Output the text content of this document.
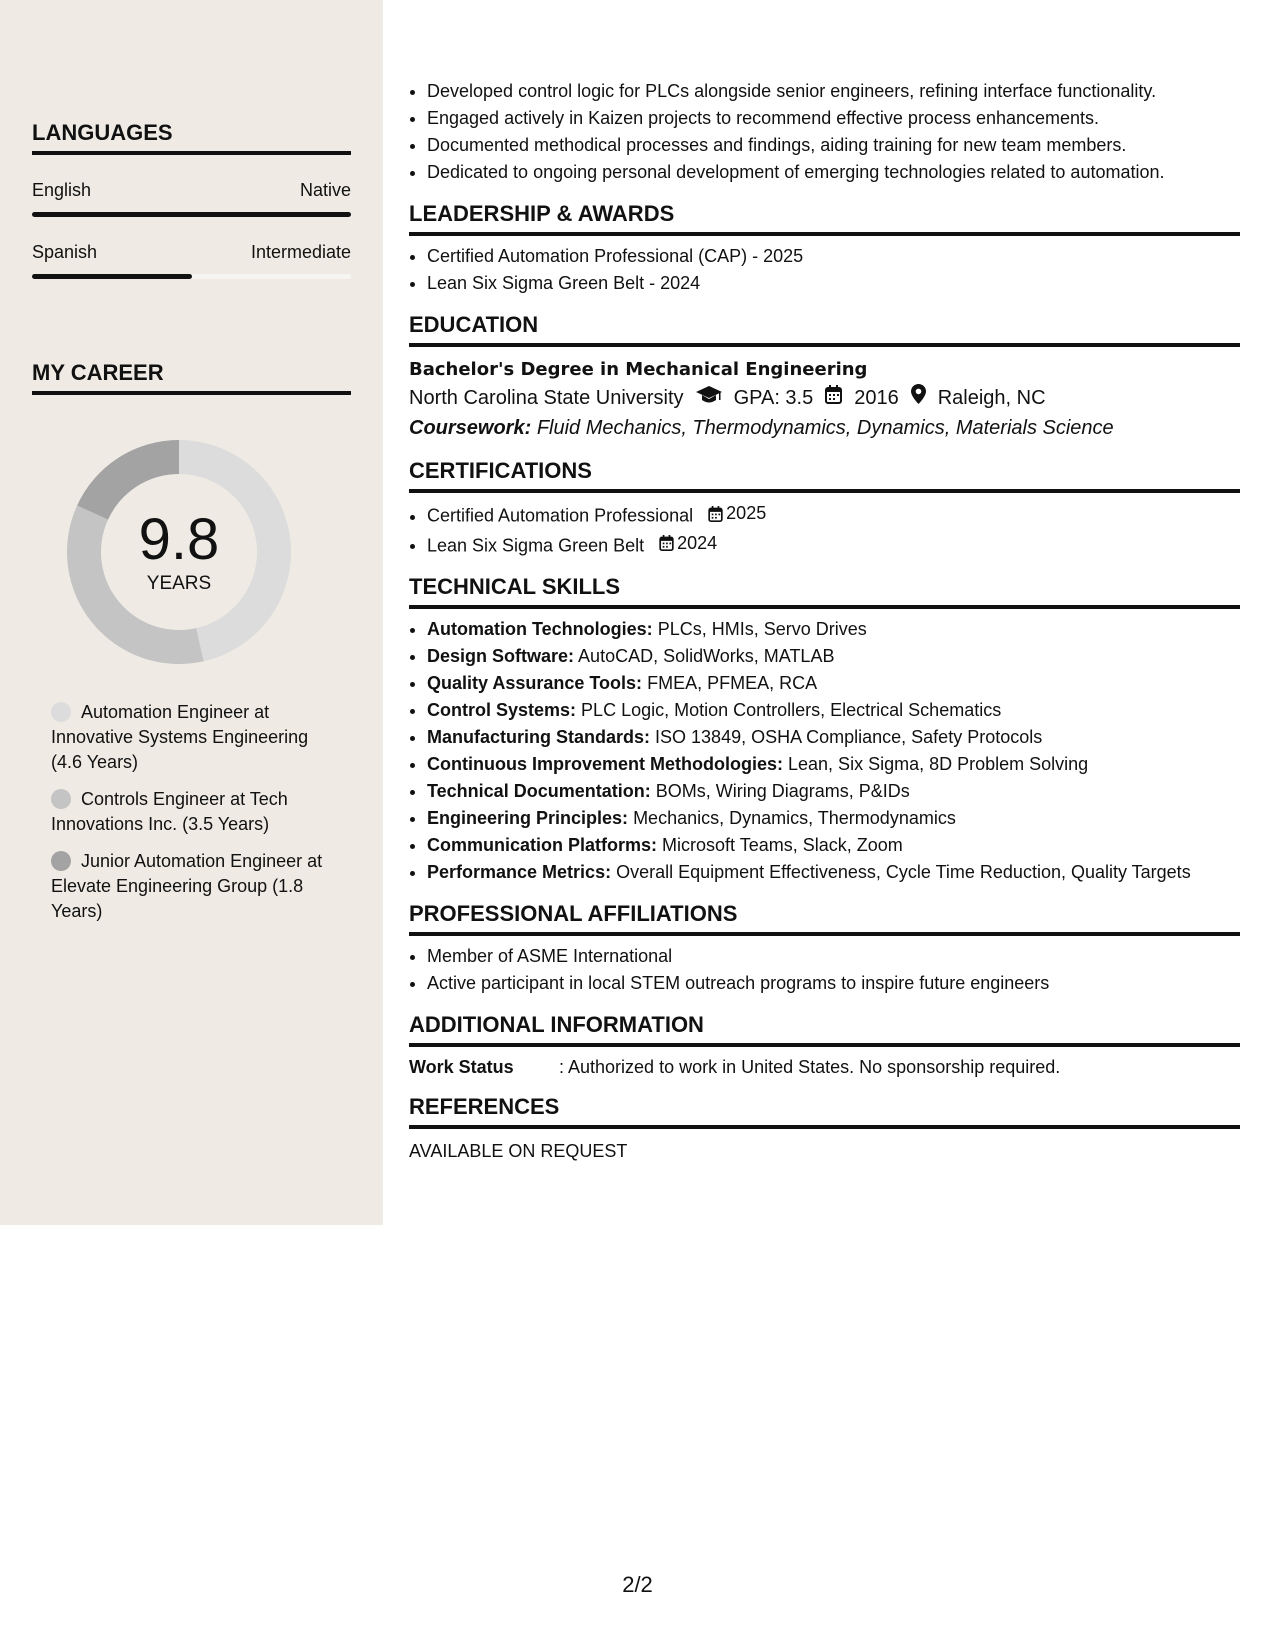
LANGUAGES
English	Native
Spanish	Intermediate
MY CAREER
9.8
YEARS
Automation Engineer at Innovative Systems Engineering (4.6 Years)
Controls Engineer at Tech Innovations Inc. (3.5 Years)
Junior Automation Engineer at Elevate Engineering Group (1.8 Years)
• Developed control logic for PLCs alongside senior engineers, refining interface functionality.
• Engaged actively in Kaizen projects to recommend effective process enhancements.
• Documented methodical processes and findings, aiding training for new team members.
• Dedicated to ongoing personal development of emerging technologies related to automation.
LEADERSHIP & AWARDS
• Certified Automation Professional (CAP) - 2025
• Lean Six Sigma Green Belt - 2024
EDUCATION
Bachelor's Degree in Mechanical Engineering
North Carolina State University	GPA: 3.5 2016 Raleigh, NC
Coursework: Fluid Mechanics, Thermodynamics, Dynamics, Materials Science
CERTIFICATIONS
• Certified Automation Professional 2025
• Lean Six Sigma Green Belt 2024
TECHNICAL SKILLS
• Automation Technologies: PLCs, HMIs, Servo Drives
• Design Software: AutoCAD, SolidWorks, MATLAB
• Quality Assurance Tools: FMEA, PFMEA, RCA
• Control Systems: PLC Logic, Motion Controllers, Electrical Schematics
• Manufacturing Standards: ISO 13849, OSHA Compliance, Safety Protocols
• Continuous Improvement Methodologies: Lean, Six Sigma, 8D Problem Solving
• Technical Documentation: BOMs, Wiring Diagrams, P&IDs
• Engineering Principles: Mechanics, Dynamics, Thermodynamics
• Communication Platforms: Microsoft Teams, Slack, Zoom
• Performance Metrics: Overall Equipment Effectiveness, Cycle Time Reduction, Quality Targets
PROFESSIONAL AFFILIATIONS
• Member of ASME International
• Active participant in local STEM outreach programs to inspire future engineers
ADDITIONAL INFORMATION
Work Status	: Authorized to work in United States. No sponsorship required.
REFERENCES
AVAILABLE ON REQUEST
2/2
